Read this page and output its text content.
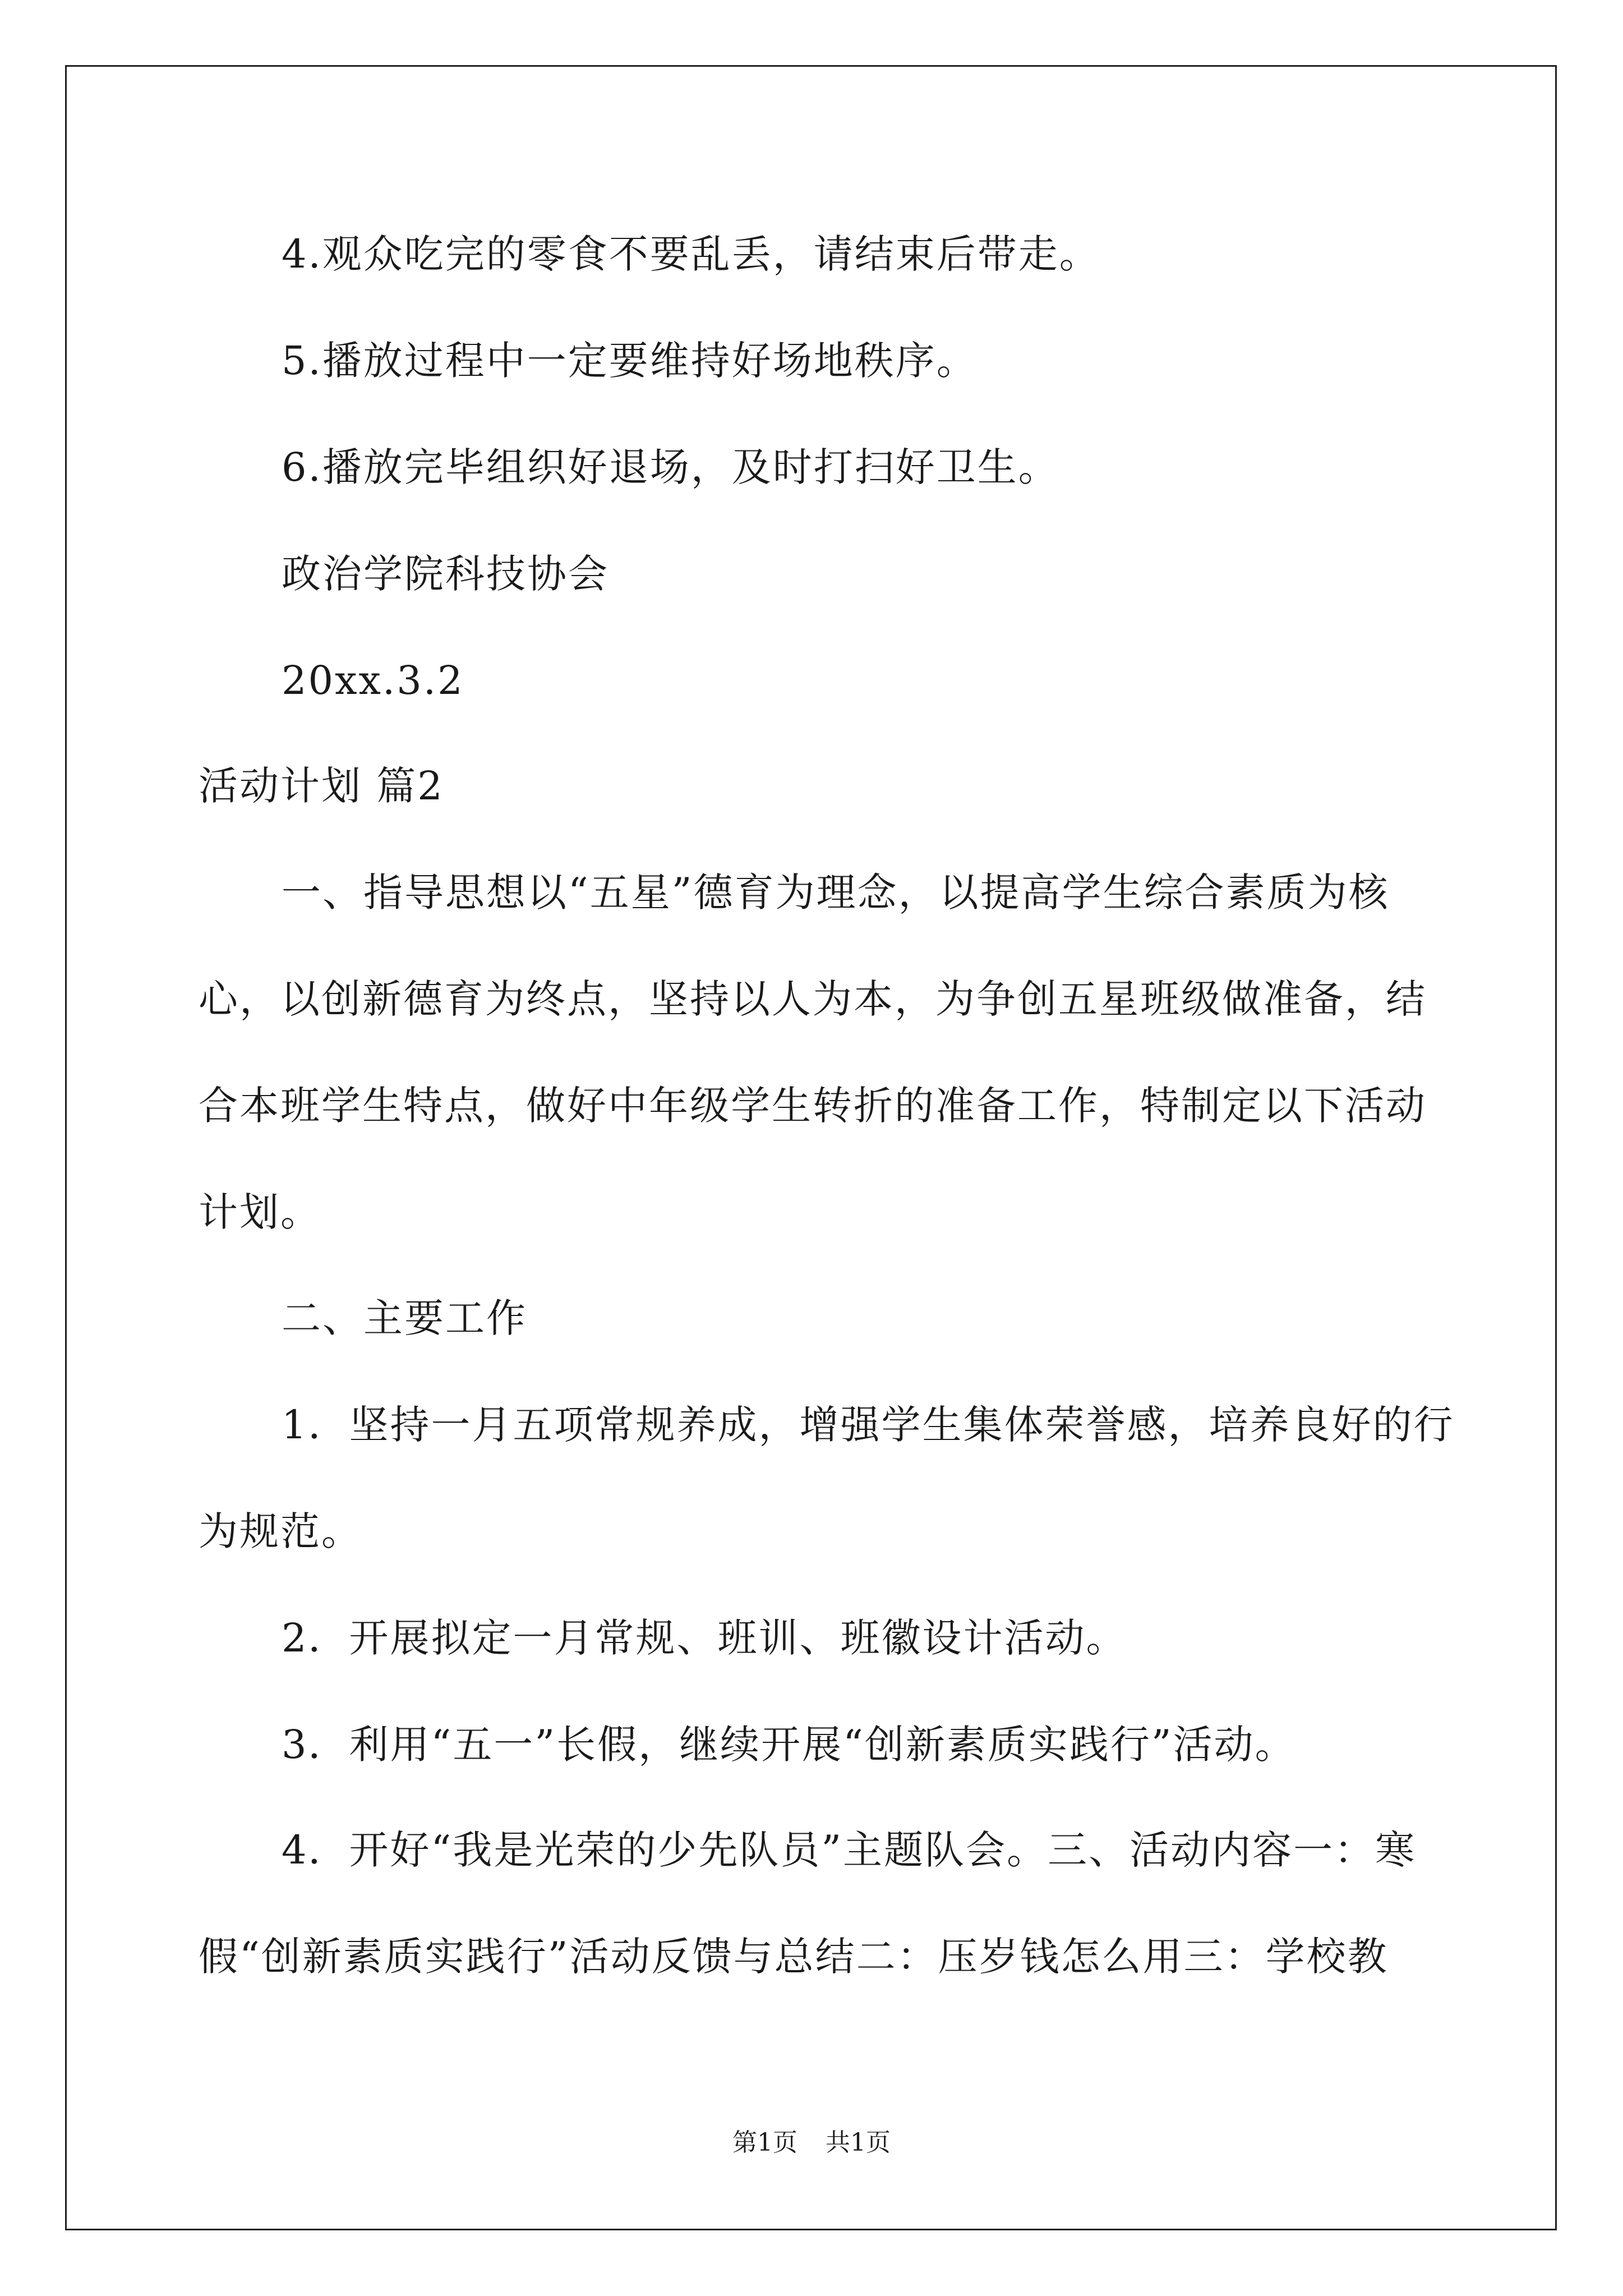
4.观众吃完的零食不要乱丢，请结束后带走。
5.播放过程中一定要维持好场地秩序。
6.播放完毕组织好退场，及时打扫好卫生。
政治学院科技协会
20xx.3.2
活动计划 篇2
一、指导思想以“五星”德育为理念，以提高学生综合素质为核
心，以创新德育为终点，坚持以人为本，为争创五星班级做准备，结
合本班学生特点，做好中年级学生转折的准备工作，特制定以下活动
计划。
二、主要工作
1．坚持一月五项常规养成，增强学生集体荣誉感，培养良好的行
为规范。
2．开展拟定一月常规、班训、班徽设计活动。
3．利用“五一”长假，继续开展“创新素质实践行”活动。
4．开好“我是光荣的少先队员”主题队会。三、活动内容一：寒
假“创新素质实践行”活动反馈与总结二：压岁钱怎么用三：学校教
第1页 共1页
